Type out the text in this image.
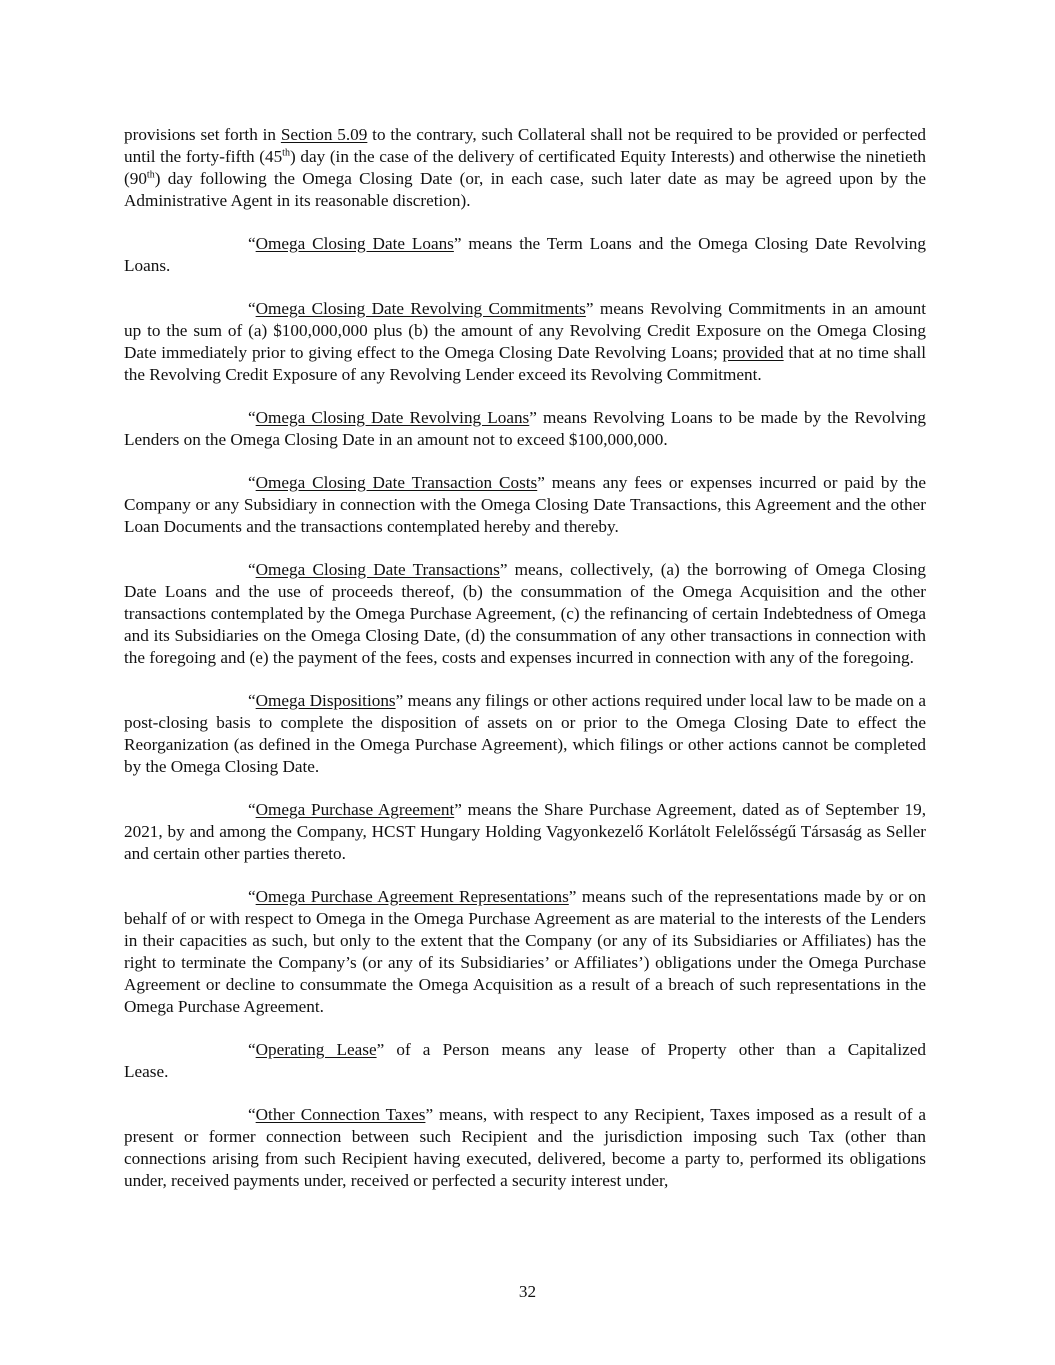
provisions set forth in Section 5.09 to the contrary, such Collateral shall not be required to be provided or perfected until the forty-fifth (45th) day (in the case of the delivery of certificated Equity Interests) and otherwise the ninetieth (90th) day following the Omega Closing Date (or, in each case, such later date as may be agreed upon by the Administrative Agent in its reasonable discretion).

“Omega Closing Date Loans” means the Term Loans and the Omega Closing Date Revolving Loans.

“Omega Closing Date Revolving Commitments” means Revolving Commitments in an amount up to the sum of (a) $100,000,000 plus (b) the amount of any Revolving Credit Exposure on the Omega Closing Date immediately prior to giving effect to the Omega Closing Date Revolving Loans; provided that at no time shall the Revolving Credit Exposure of any Revolving Lender exceed its Revolving Commitment.

“Omega Closing Date Revolving Loans” means Revolving Loans to be made by the Revolving Lenders on the Omega Closing Date in an amount not to exceed $100,000,000.

“Omega Closing Date Transaction Costs” means any fees or expenses incurred or paid by the Company or any Subsidiary in connection with the Omega Closing Date Transactions, this Agreement and the other Loan Documents and the transactions contemplated hereby and thereby.

“Omega Closing Date Transactions” means, collectively, (a) the borrowing of Omega Closing Date Loans and the use of proceeds thereof, (b) the consummation of the Omega Acquisition and the other transactions contemplated by the Omega Purchase Agreement, (c) the refinancing of certain Indebtedness of Omega and its Subsidiaries on the Omega Closing Date, (d) the consummation of any other transactions in connection with the foregoing and (e) the payment of the fees, costs and expenses incurred in connection with any of the foregoing.

“Omega Dispositions” means any filings or other actions required under local law to be made on a post-closing basis to complete the disposition of assets on or prior to the Omega Closing Date to effect the Reorganization (as defined in the Omega Purchase Agreement), which filings or other actions cannot be completed by the Omega Closing Date.

“Omega Purchase Agreement” means the Share Purchase Agreement, dated as of September 19, 2021, by and among the Company, HCST Hungary Holding Vagyonkezelő Korlátolt Felelősségű Társaság as Seller and certain other parties thereto.

“Omega Purchase Agreement Representations” means such of the representations made by or on behalf of or with respect to Omega in the Omega Purchase Agreement as are material to the interests of the Lenders in their capacities as such, but only to the extent that the Company (or any of its Subsidiaries or Affiliates) has the right to terminate the Company’s (or any of its Subsidiaries’ or Affiliates’) obligations under the Omega Purchase Agreement or decline to consummate the Omega Acquisition as a result of a breach of such representations in the Omega Purchase Agreement.

“Operating Lease” of a Person means any lease of Property other than a Capitalized

Lease.

“Other Connection Taxes” means, with respect to any Recipient, Taxes imposed as a result of a present or former connection between such Recipient and the jurisdiction imposing such Tax (other than connections arising from such Recipient having executed, delivered, become a party to, performed its obligations under, received payments under, received or perfected a security interest under,

32
